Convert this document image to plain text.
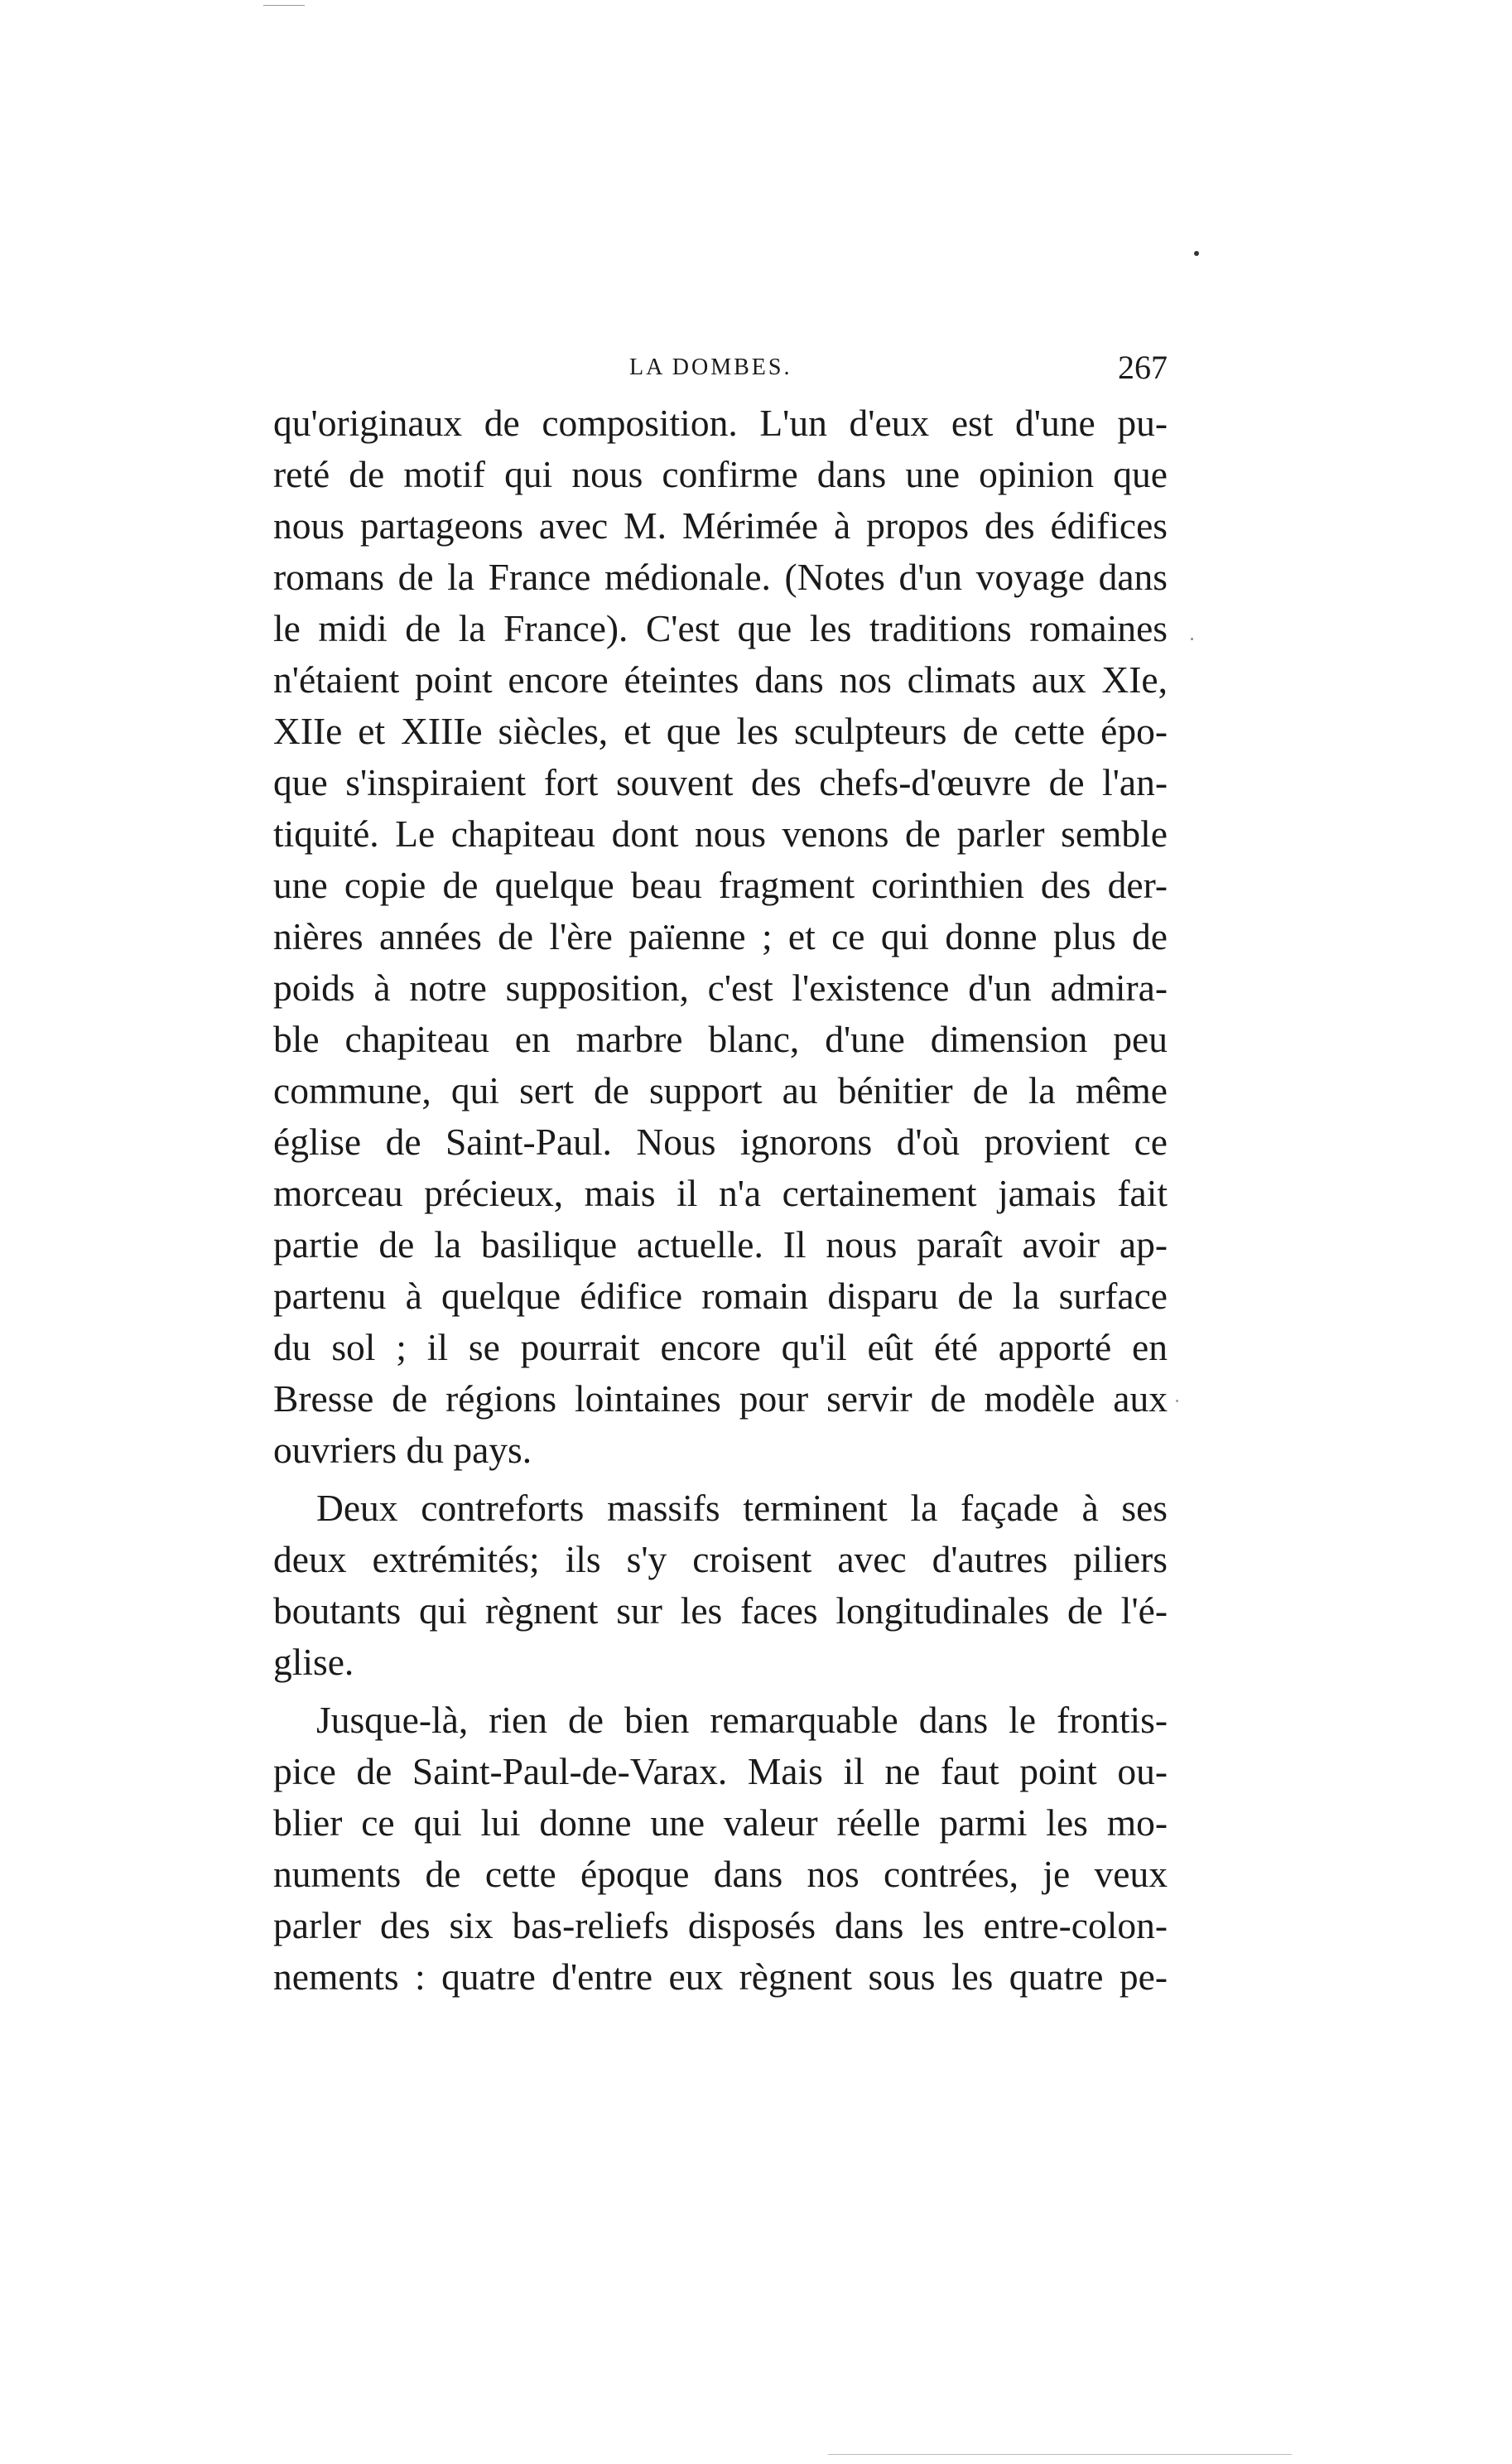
LA DOMBES.	267
qu'originaux de composition. L'un d'eux est d'une pu-
reté de motif qui nous confirme dans une opinion que
nous partageons avec M. Mérimée à propos des édifices
romans de la France médionale. (Notes d'un voyage dans
le midi de la France). C'est que les traditions romaines
n'étaient point encore éteintes dans nos climats aux XIe,
XIIe et XIIIe siècles, et que les sculpteurs de cette épo-
que s'inspiraient fort souvent des chefs-d'œuvre de l'an-
tiquité. Le chapiteau dont nous venons de parler semble
une copie de quelque beau fragment corinthien des der-
nières années de l'ère païenne ; et ce qui donne plus de
poids à notre supposition, c'est l'existence d'un admira-
ble chapiteau en marbre blanc, d'une dimension peu
commune, qui sert de support au bénitier de la même
église de Saint-Paul. Nous ignorons d'où provient ce
morceau précieux, mais il n'a certainement jamais fait
partie de la basilique actuelle. Il nous paraît avoir ap-
partenu à quelque édifice romain disparu de la surface
du sol ; il se pourrait encore qu'il eût été apporté en
Bresse de régions lointaines pour servir de modèle aux
ouvriers du pays.
Deux contreforts massifs terminent la façade à ses
deux extrémités; ils s'y croisent avec d'autres piliers
boutants qui règnent sur les faces longitudinales de l'é-
glise.
Jusque-là, rien de bien remarquable dans le frontis-
pice de Saint-Paul-de-Varax. Mais il ne faut point ou-
blier ce qui lui donne une valeur réelle parmi les mo-
numents de cette époque dans nos contrées, je veux
parler des six bas-reliefs disposés dans les entre-colon-
nements : quatre d'entre eux règnent sous les quatre pe-
